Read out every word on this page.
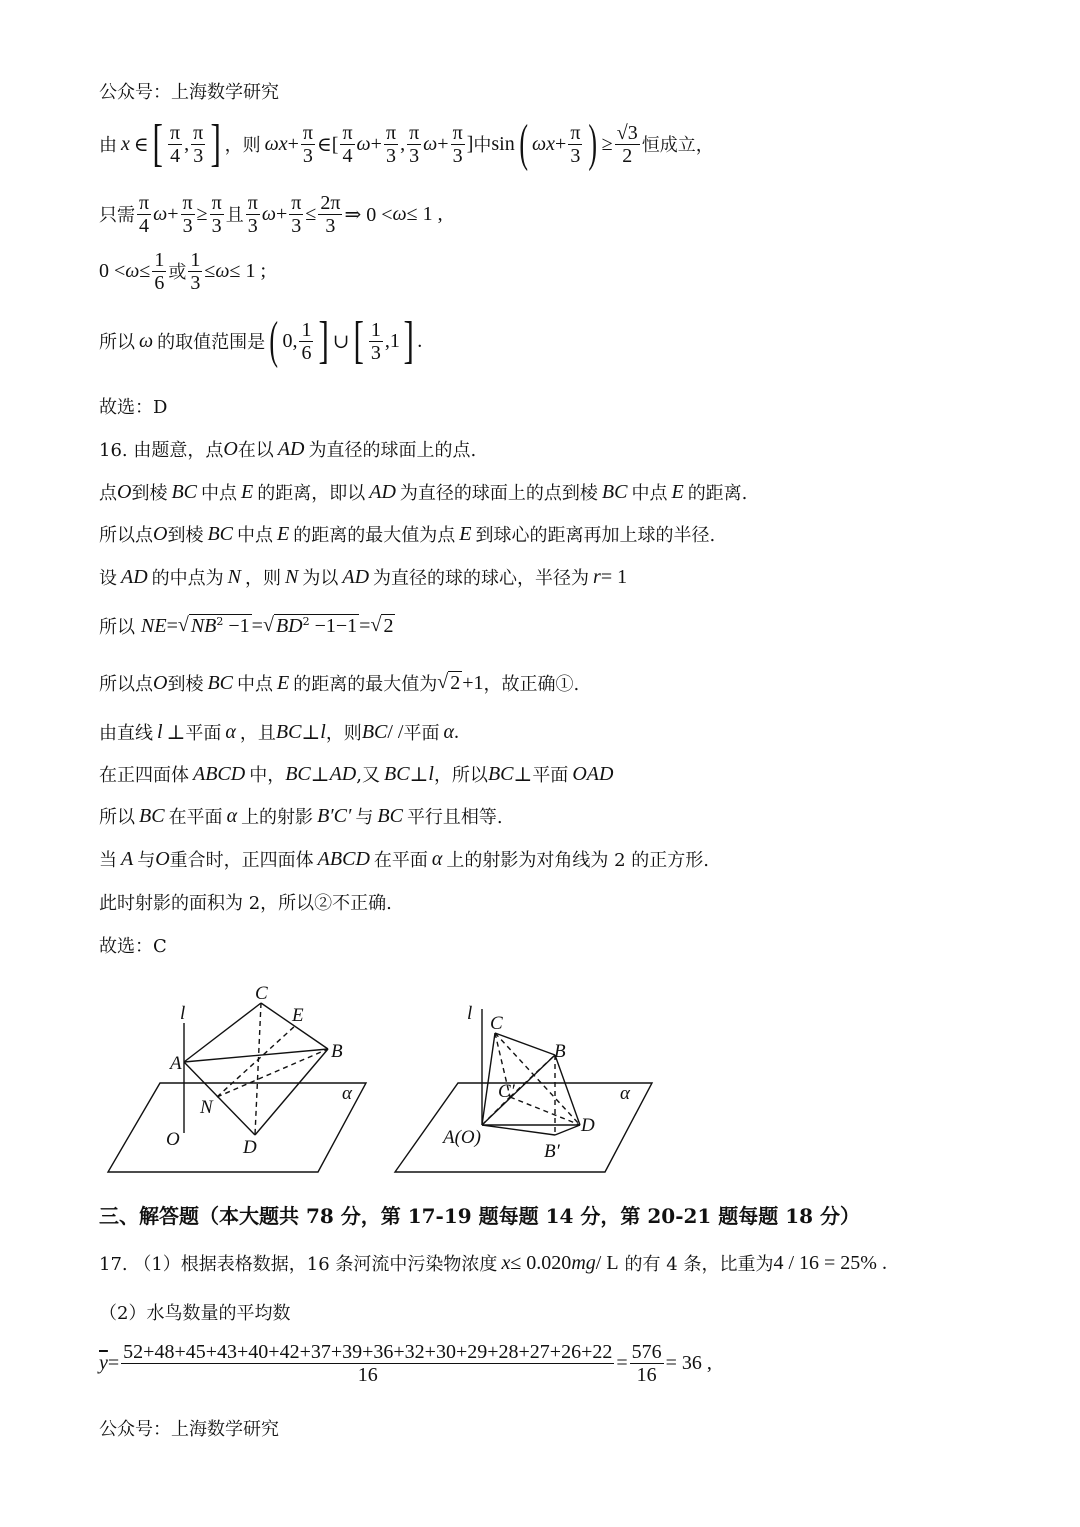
公众号：上海数学研究
由 x ∈ [ $\frac{\pi}{4}$ , $\frac{\pi}{3}$ ] ，则 $\omega x + \frac{\pi}{3}$ ∈[ $\frac{\pi}{4}$ $\omega + \frac{\pi}{3}$ , $\frac{\pi}{3}$ $\omega + \frac{\pi}{3}$ ] 中 sin ( $\omega x + \frac{\pi}{3}$ ) ≥ $\frac{√3}{2}$ 恒成立，
只需 $\frac{\pi}{4}$ $\omega + \frac{\pi}{3} \ge \frac{\pi}{3}$ 且 $\frac{\pi}{3}$ $\omega + \frac{\pi}{3} \le \frac{2\pi}{3}$ ⇒ 0 < ω ≤ 1 ,
$0 < \omega \le \frac{1}{6}$ 或 $\frac{1}{3} \le \omega \le 1$ ;
所以 ω 的取值范围是 ( 0, $\frac{1}{6}$ ] ∪ [ $\frac{1}{3} ,1$ ] .
故选：D
16. 由题意，点 O 在以 AD 为直径的球面上的点.
点 O 到棱 BC 中点 E 的距离，即以 AD 为直径的球面上的点到棱 BC 中点 E 的距离.
所以点 O 到棱 BC 中点 E 的距离的最大值为点 E 到球心的距离再加上球的半径.
设 AD 的中点为 N ，则 N 为以 AD 为直径的球的球心，半径为 r = 1
所以 NE = √ $NB^2 -1$ = √ $BD^2 -1-1$ = √ 2
所以点 O 到棱 BC 中点 E 的距离的最大值为 √ 2 +1 ，故正确①.
由直线 l ⊥ 平面 α ，且 BC ⊥ l ，则 BC / / 平面 α .
在正四面体 ABCD 中， BC ⊥ AD ,又 BC ⊥ l ，所以 BC ⊥ 平面 OAD
所以 BC 在平面 α 上的射影 B′C′ 与 BC 平行且相等.
当 A 与 O 重合时，正四面体 ABCD 在平面 α 上的射影为对角线为 2 的正方形.
此时射影的面积为 2，所以②不正确.
故选：C
l
C
E
A
B
α
N
O	D
l C
B
C′	α
A(O)
D
B′
三、解答题（本大题共 78 分，第 17-19 题每题 14 分，第 20-21 题每题 18 分）
17. （1）根据表格数据，16 条河流中污染物浓度 x ≤ 0.020 mg / L 的有 4 条，比重为 4 / 16 = 25% .
（2）水鸟数量的平均数
$\overline{y} = \frac{52+48+45+43+40+42+37+39+36+32+30+29+28+27+26+22}{16} = \frac{576}{16} = 36$ ,
公众号：上海数学研究
